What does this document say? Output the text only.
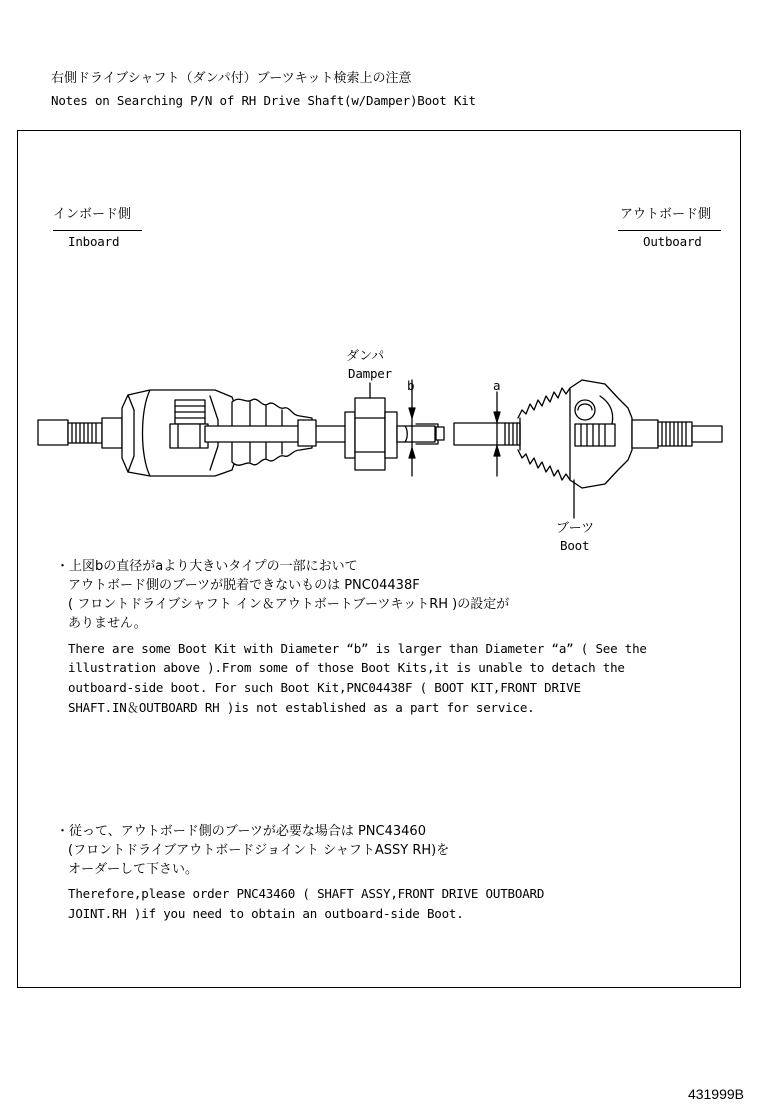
右側ドライブシャフト（ダンパ付）ブーツキット検索上の注意
Notes on Searching P/N of RH Drive Shaft(w/Damper)Boot Kit
インボード側
Inboard
アウトボード側
Outboard
ダンパ
Damper
b	a
ブーツ
Boot
・上図bの直径がaより大きいタイプの一部において
アウトボード側のブーツが脱着できないものは PNC04438F
( フロントドライブシャフト イン＆アウトボートブーツキットRH )の設定が
ありません。
There are some Boot Kit with Diameter “b” is larger than Diameter “a” ( See the
illustration above ).From some of those Boot Kits,it is unable to detach the
outboard-side boot. For such Boot Kit,PNC04438F ( BOOT KIT,FRONT DRIVE
SHAFT.IN＆OUTBOARD RH )is not established as a part for service.
・従って、アウトボード側のブーツが必要な場合は PNC43460
(フロントドライブアウトボードジョイント シャフトASSY RH)を
オーダーして下さい。
Therefore,please order PNC43460 ( SHAFT ASSY,FRONT DRIVE OUTBOARD
JOINT.RH )if you need to obtain an outboard-side Boot.
431999B
